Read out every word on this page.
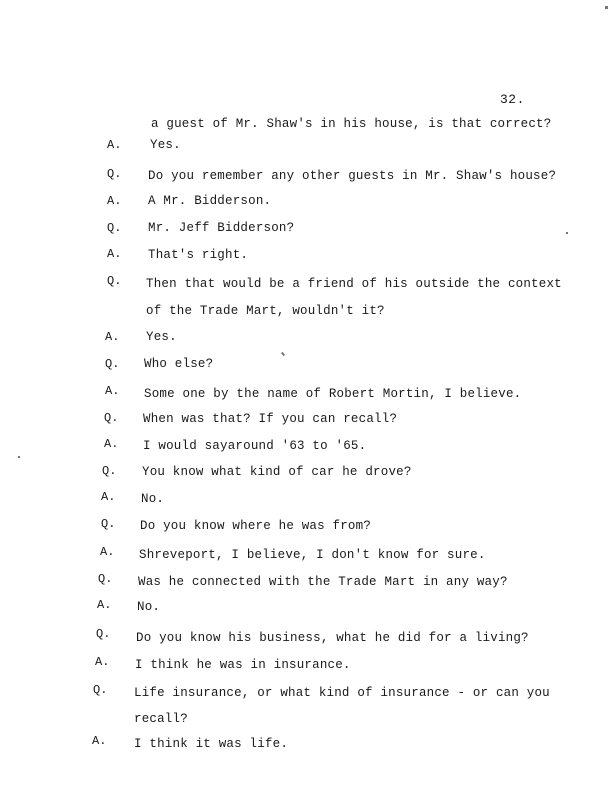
32.
a guest of Mr. Shaw's in his house, is that correct?
A. Yes.
Q. Do you remember any other guests in Mr. Shaw's house?
A. A Mr. Bidderson.
Q. Mr. Jeff Bidderson?
A. That's right.
Q. Then that would be a friend of his outside the context
of the Trade Mart, wouldn't it?
A. Yes.
Q. Who else?
A. Some one by the name of Robert Mortin, I believe.
Q. When was that? If you can recall?
A. I would sayaround '63 to '65.
Q. You know what kind of car he drove?
A. No.
Q. Do you know where he was from?
A. Shreveport, I believe, I don't know for sure.
Q. Was he connected with the Trade Mart in any way?
A. No.
Q. Do you know his business, what he did for a living?
A. I think he was in insurance.
Q. Life insurance, or what kind of insurance - or can you
recall?
A. I think it was life.
